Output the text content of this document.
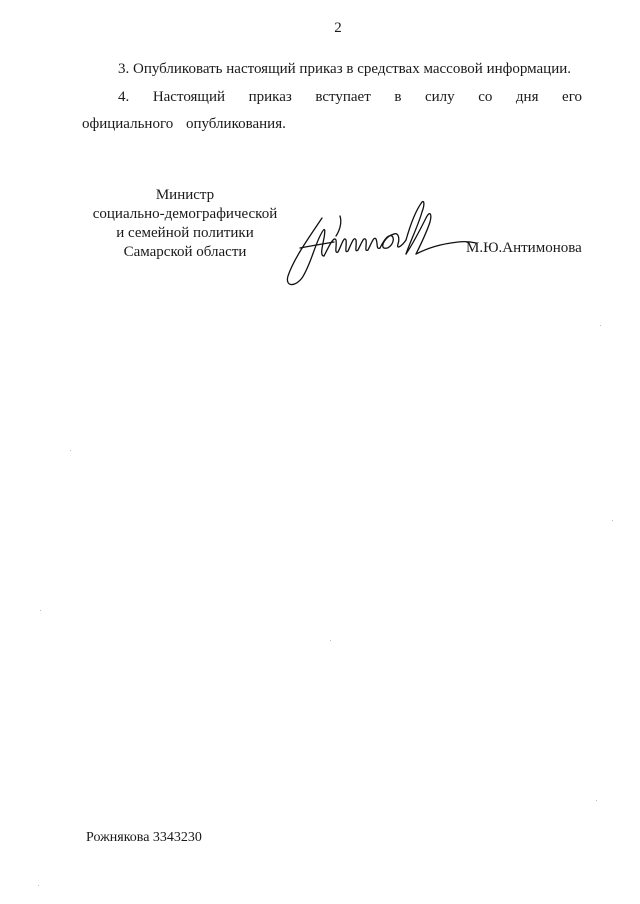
2
3. Опубликовать настоящий приказ в средствах массовой информации.
4. Настоящий приказ вступает в силу со дня его официального опубликования.
Министр
социально-демографической
и семейной политики
Самарской области	М.Ю.Антимонова
Рожнякова 3343230
